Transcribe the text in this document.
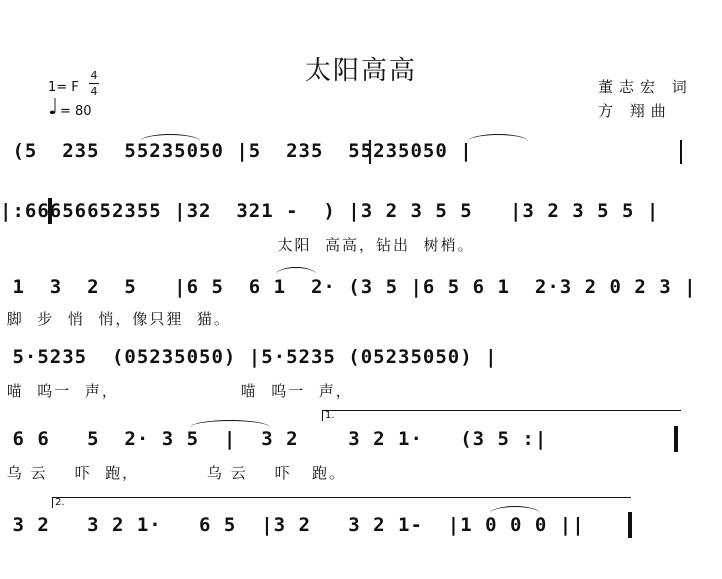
太阳高高
董志宏 词
方 翔曲
1= F
4
4
♩ = 80
(5  235  55235050 |5  235  55235050 |
|:66656652355 |32  321 -  ) |3 2 3 5 5   |3 2 3 5 5 |
太阳  高高，钻出  树梢。
1  3  2  5   |6 5  6 1  2· (3 5 |6 5 6 1  2·3 2 0 2 3 |
脚  步  悄  悄，像只狸  猫。
5·5235  (05235050) |5·5235 (05235050) |
喵  呜一  声，                  喵  呜一  声，
1.
6 6   5  2· 3 5  |  3 2    3 2 1·   (3 5 :|
乌 云    吓  跑，          乌 云    吓   跑。
2.
3 2   3 2 1·   6 5  |3 2   3 2 1-  |1 0 0 0 ||
